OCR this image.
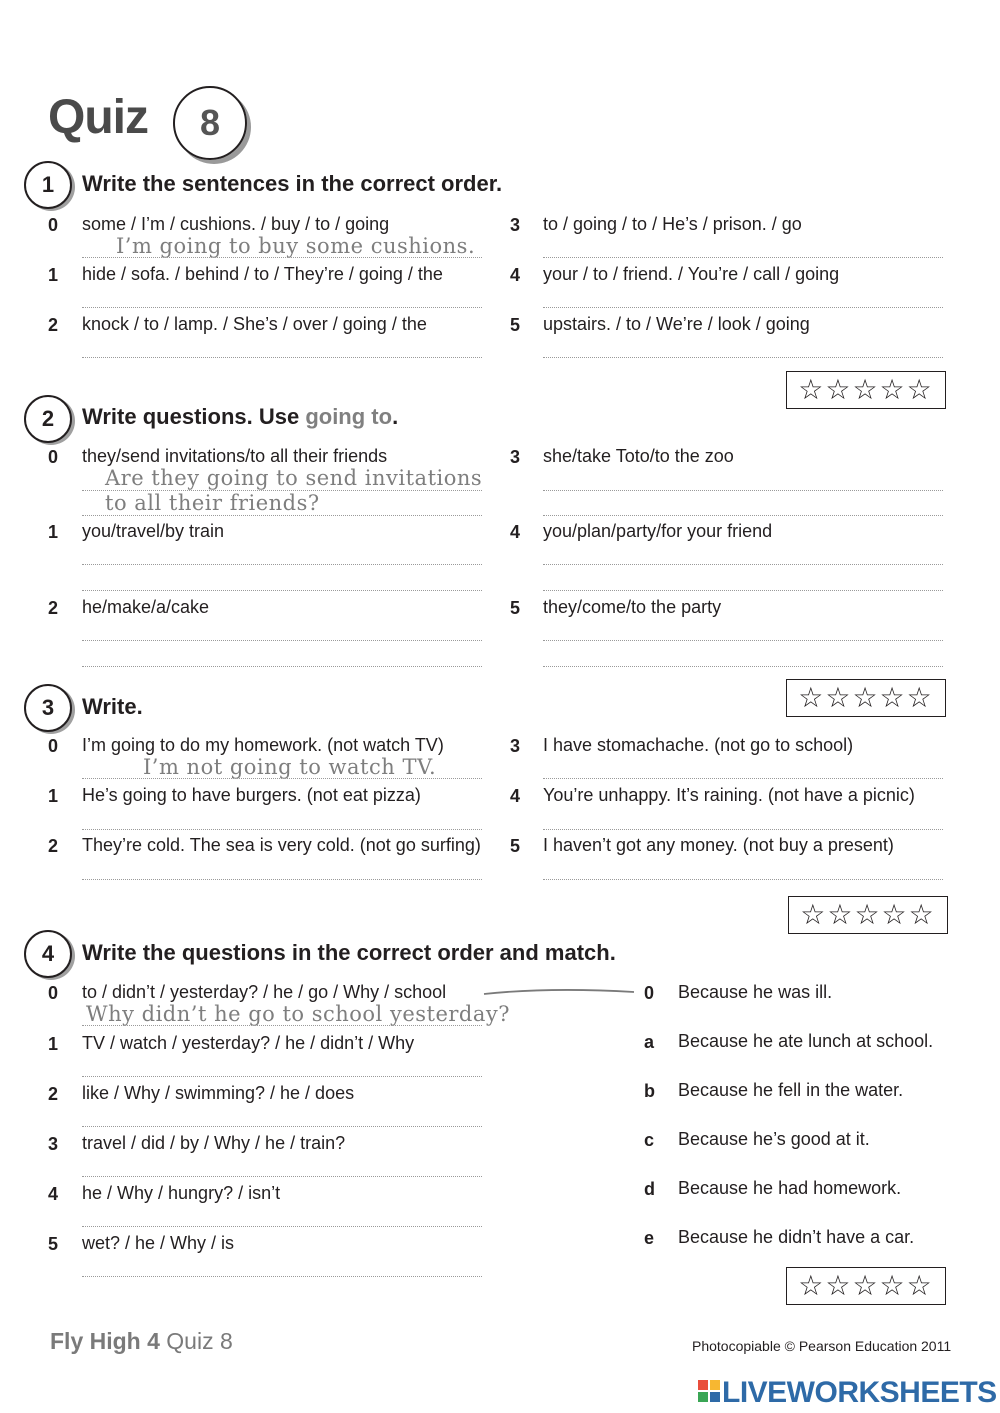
Quiz	8
1	Write the sentences in the correct order.
0 some / I’m / cushions. / buy / to / going
I’m going to buy some cushions.
1 hide / sofa. / behind / to / They’re / going / the
2 knock / to / lamp. / She’s / over / going / the
3 to / going / to / He’s / prison. / go
4 your / to / friend. / You’re / call / going
5 upstairs. / to / We’re / look / going
☆☆☆☆☆
2	Write questions. Use going to.
0 they/send invitations/to all their friends
Are they going to send invitations
to all their friends?
1 you/travel/by train
2 he/make/a/cake
3 she/take Toto/to the zoo
4 you/plan/party/for your friend
5 they/come/to the party
☆☆☆☆☆
3	Write.
0 I’m going to do my homework. (not watch TV)
I’m not going to watch TV.
1 He’s going to have burgers. (not eat pizza)
2 They’re cold. The sea is very cold. (not go surfing)
3 I have stomachache. (not go to school)
4 You’re unhappy. It’s raining. (not have a picnic)
5 I haven’t got any money. (not buy a present)
☆☆☆☆☆
4	Write the questions in the correct order and match.
0 to / didn’t / yesterday? / he / go / Why / school
Why didn’t he go to school yesterday?
1 TV / watch / yesterday? / he / didn’t / Why
2 like / Why / swimming? / he / does
3 travel / did / by / Why / he / train?
4 he / Why / hungry? / isn’t
5 wet? / he / Why / is
0 Because he was ill.
a Because he ate lunch at school.
b Because he fell in the water.
c Because he’s good at it.
d Because he had homework.
e Because he didn’t have a car.
☆☆☆☆☆
Fly High 4 Quiz 8	Photocopiable © Pearson Education 2011
LIVEWORKSHEETS
